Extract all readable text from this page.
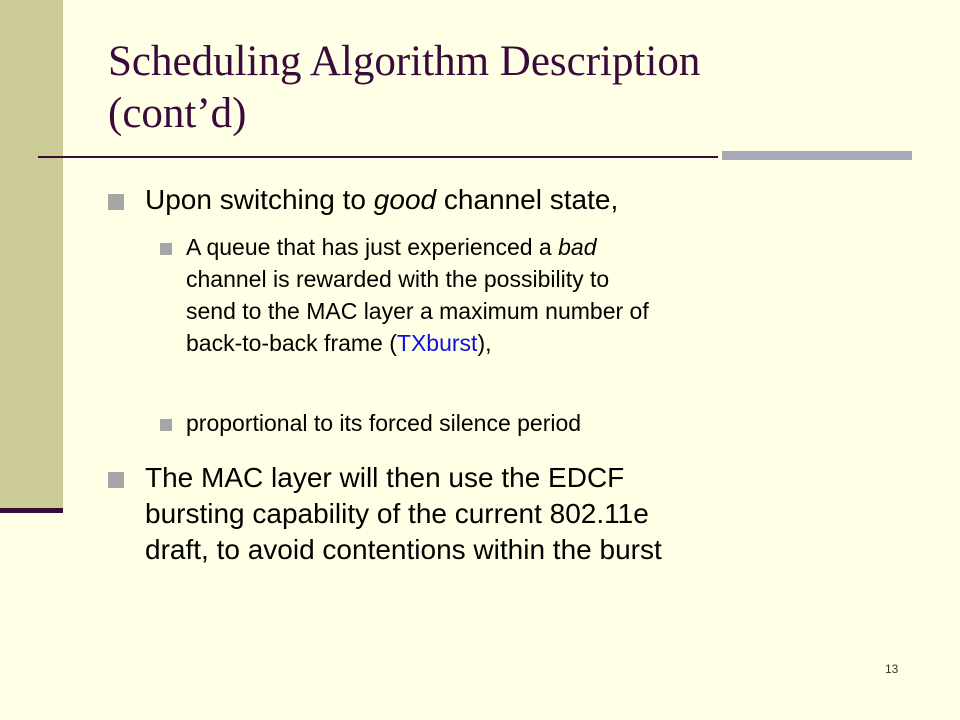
Scheduling Algorithm Description
(cont’d)
Upon switching to good channel state,
A queue that has just experienced a bad
channel is rewarded with the possibility to
send to the MAC layer a maximum number of
back-to-back frame (TXburst),
proportional to its forced silence period
The MAC layer will then use the EDCF
bursting capability of the current 802.11e
draft, to avoid contentions within the burst
13
